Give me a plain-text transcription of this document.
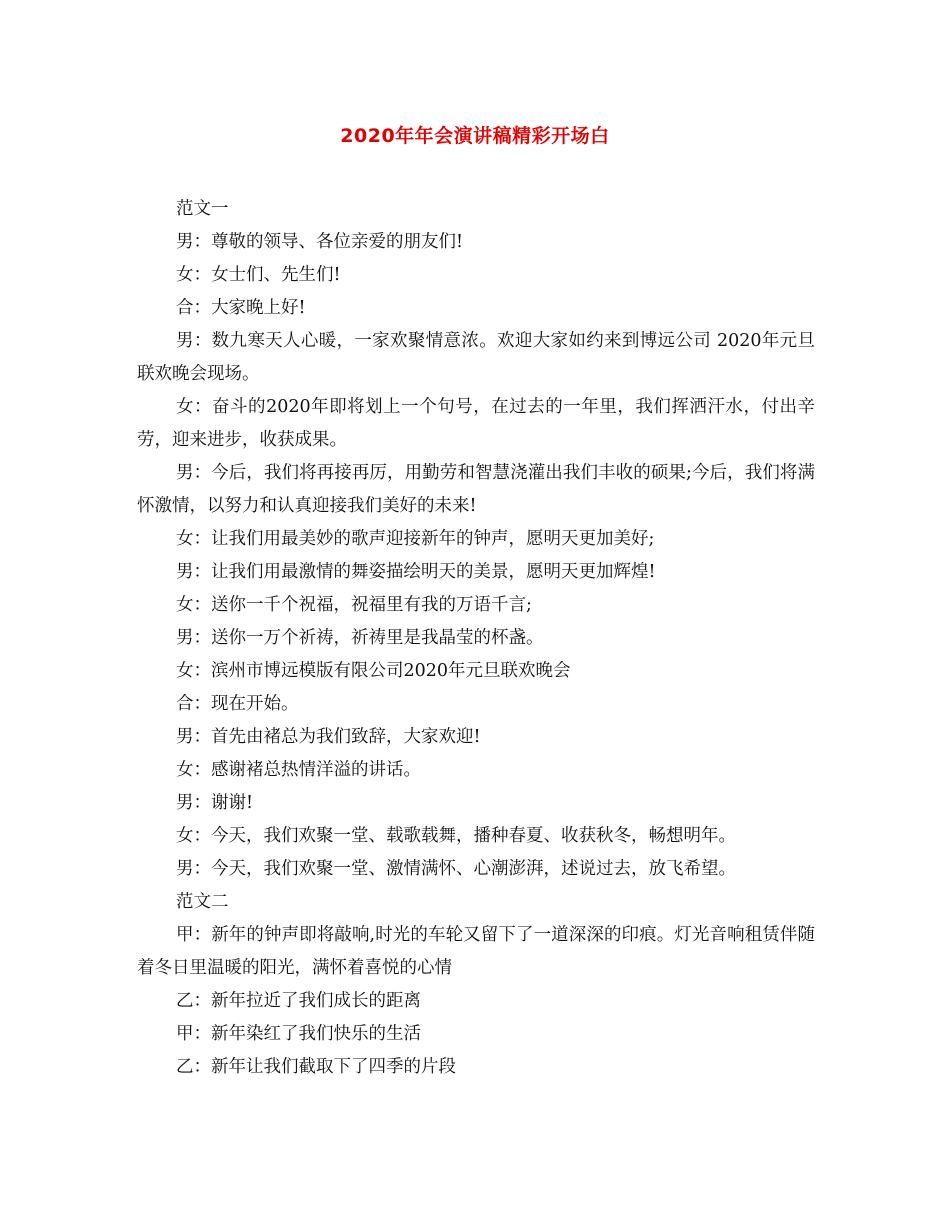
2020年年会演讲稿精彩开场白

范文一

男：尊敬的领导、各位亲爱的朋友们!

女：女士们、先生们!

合：大家晚上好!

男：数九寒天人心暖，一家欢聚情意浓。欢迎大家如约来到博远公司 2020年元旦联欢晚会现场。

女：奋斗的2020年即将划上一个句号，在过去的一年里，我们挥洒汗水，付出辛劳，迎来进步，收获成果。

男：今后，我们将再接再厉，用勤劳和智慧浇灌出我们丰收的硕果;今后，我们将满怀激情，以努力和认真迎接我们美好的未来!

女：让我们用最美妙的歌声迎接新年的钟声，愿明天更加美好;

男：让我们用最激情的舞姿描绘明天的美景，愿明天更加辉煌!

女：送你一千个祝福，祝福里有我的万语千言;

男：送你一万个祈祷，祈祷里是我晶莹的杯盏。

女：滨州市博远模版有限公司2020年元旦联欢晚会

合：现在开始。

男：首先由褚总为我们致辞，大家欢迎!

女：感谢褚总热情洋溢的讲话。

男：谢谢!

女：今天，我们欢聚一堂、载歌载舞，播种春夏、收获秋冬，畅想明年。

男：今天，我们欢聚一堂、激情满怀、心潮澎湃，述说过去，放飞希望。

范文二

甲：新年的钟声即将敲响,时光的车轮又留下了一道深深的印痕。灯光音响租赁伴随着冬日里温暖的阳光，满怀着喜悦的心情

乙：新年拉近了我们成长的距离

甲：新年染红了我们快乐的生活

乙：新年让我们截取下了四季的片段
